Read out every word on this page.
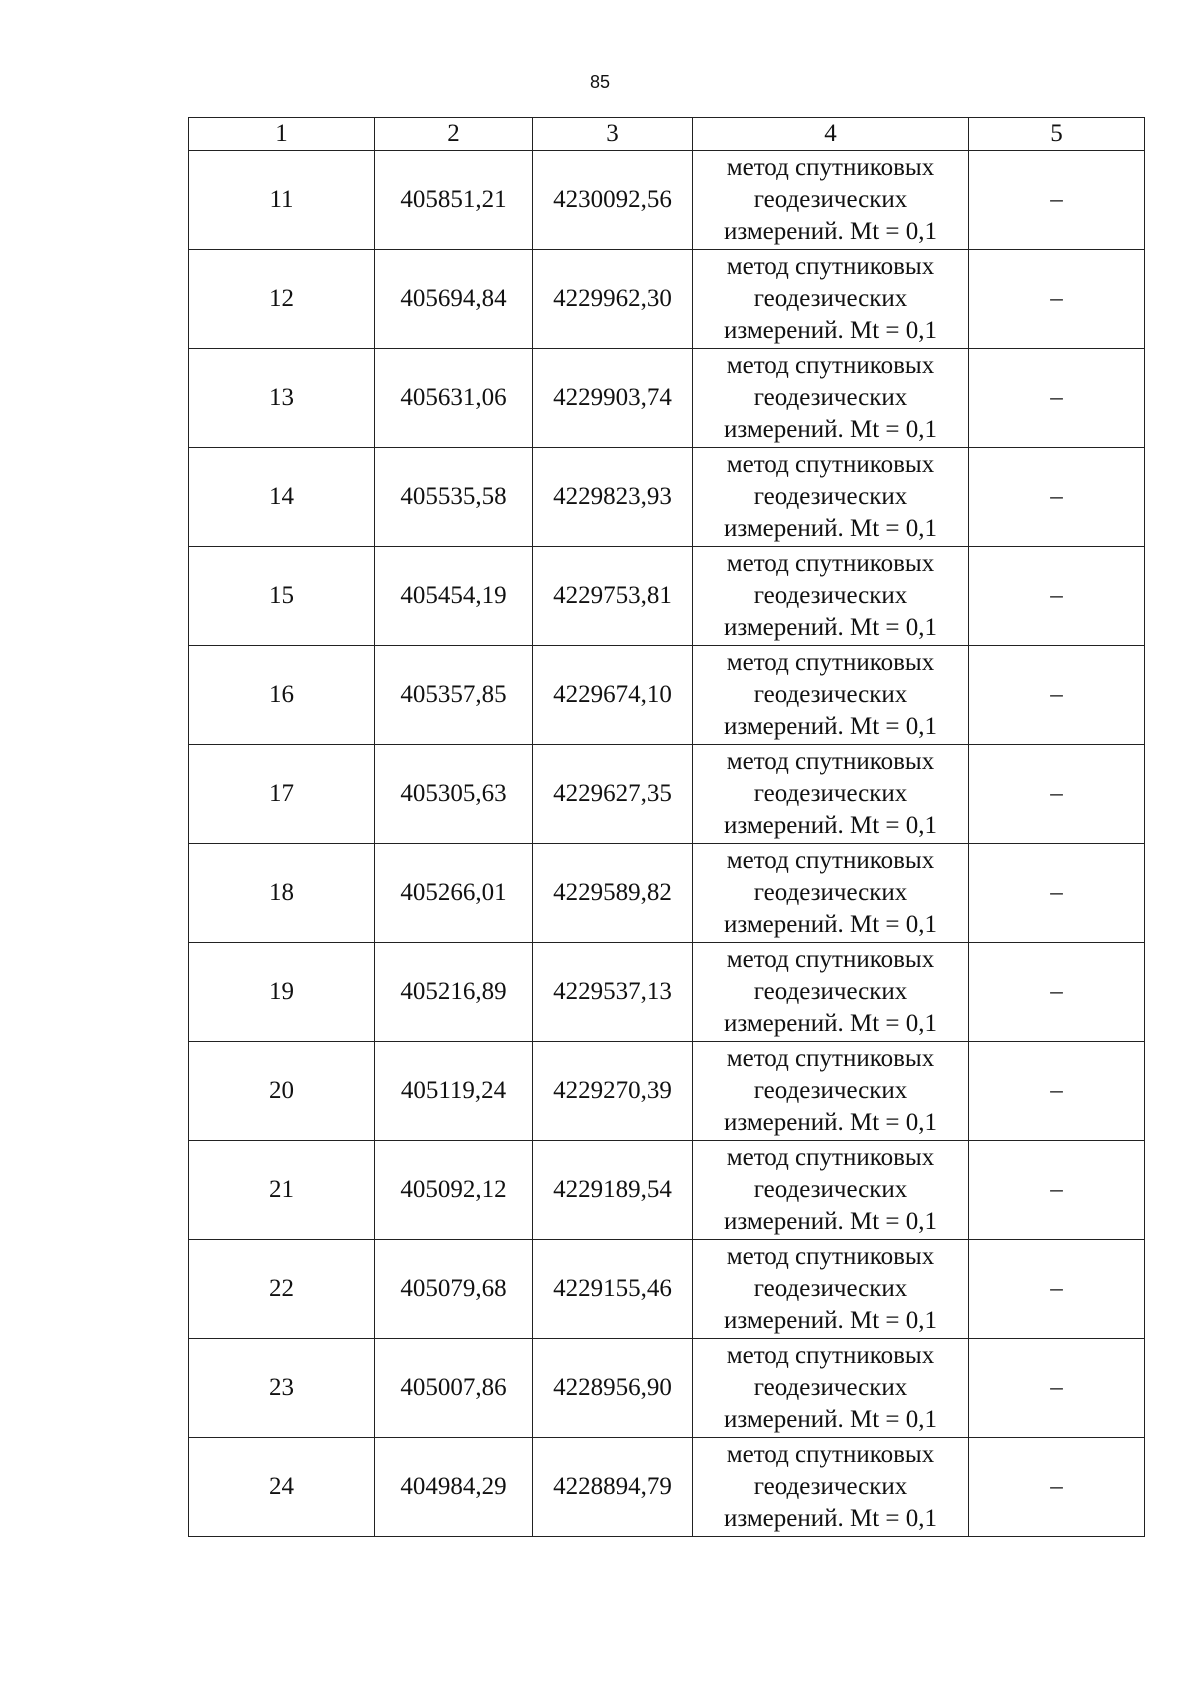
85
1	2	3	4	5
11	405851,21	4230092,56	метод спутниковых
геодезических
измерений. Mt = 0,1	–
12	405694,84	4229962,30	метод спутниковых
геодезических
измерений. Mt = 0,1	–
13	405631,06	4229903,74	метод спутниковых
геодезических
измерений. Mt = 0,1	–
14	405535,58	4229823,93	метод спутниковых
геодезических
измерений. Mt = 0,1	–
15	405454,19	4229753,81	метод спутниковых
геодезических
измерений. Mt = 0,1	–
16	405357,85	4229674,10	метод спутниковых
геодезических
измерений. Mt = 0,1	–
17	405305,63	4229627,35	метод спутниковых
геодезических
измерений. Mt = 0,1	–
18	405266,01	4229589,82	метод спутниковых
геодезических
измерений. Mt = 0,1	–
19	405216,89	4229537,13	метод спутниковых
геодезических
измерений. Mt = 0,1	–
20	405119,24	4229270,39	метод спутниковых
геодезических
измерений. Mt = 0,1	–
21	405092,12	4229189,54	метод спутниковых
геодезических
измерений. Mt = 0,1	–
22	405079,68	4229155,46	метод спутниковых
геодезических
измерений. Mt = 0,1	–
23	405007,86	4228956,90	метод спутниковых
геодезических
измерений. Mt = 0,1	–
24	404984,29	4228894,79	метод спутниковых
геодезических
измерений. Mt = 0,1	–
